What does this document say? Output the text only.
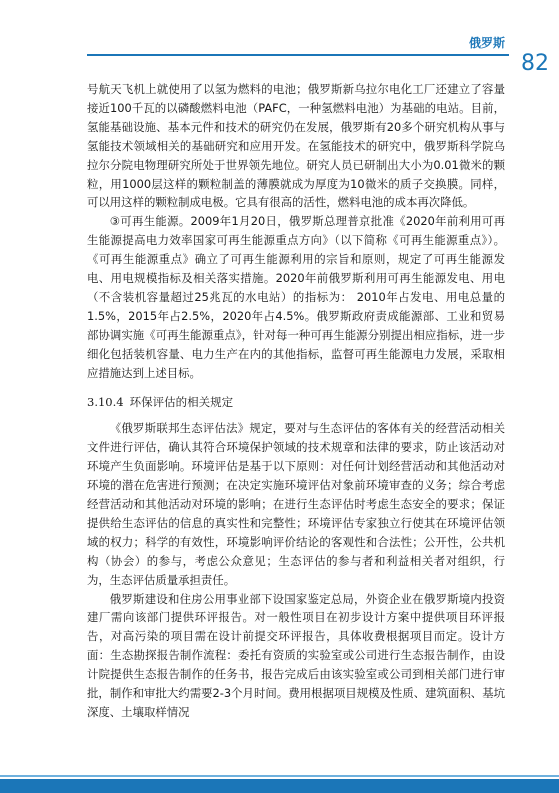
俄罗斯
82

号航天飞机上就使用了以氢为燃料的电池；俄罗斯新乌拉尔电化工厂还建立了容量接近100千瓦的以磷酸燃料电池（PAFC，一种氢燃料电池）为基础的电站。目前，氢能基础设施、基本元件和技术的研究仍在发展，俄罗斯有20多个研究机构从事与氢能技术领域相关的基础研究和应用开发。在氢能技术的研究中，俄罗斯科学院乌拉尔分院电物理研究所处于世界领先地位。研究人员已研制出大小为0.01微米的颗粒，用1000层这样的颗粒制盖的薄膜就成为厚度为10微米的质子交换膜。同样，可以用这样的颗粒制成电极。它具有很高的活性，燃料电池的成本再次降低。

③可再生能源。2009年1月20日，俄罗斯总理普京批准《2020年前利用可再生能源提高电力效率国家可再生能源重点方向》（以下简称《可再生能源重点》）。《可再生能源重点》确立了可再生能源利用的宗旨和原则，规定了可再生能源发电、用电规模指标及相关落实措施。2020年前俄罗斯利用可再生能源发电、用电（不含装机容量超过25兆瓦的水电站）的指标为： 2010年占发电、用电总量的1.5%，2015年占2.5%，2020年占4.5%。俄罗斯政府责成能源部、工业和贸易部协调实施《可再生能源重点》，针对每一种可再生能源分别提出相应指标，进一步细化包括装机容量、电力生产在内的其他指标，监督可再生能源电力发展，采取相应措施达到上述目标。

3.10.4 环保评估的相关规定

《俄罗斯联邦生态评估法》规定，要对与生态评估的客体有关的经营活动相关文件进行评估，确认其符合环境保护领域的技术规章和法律的要求，防止该活动对环境产生负面影响。环境评估是基于以下原则：对任何计划经营活动和其他活动对环境的潜在危害进行预测；在决定实施环境评估对象前环境审查的义务；综合考虑经营活动和其他活动对环境的影响；在进行生态评估时考虑生态安全的要求；保证提供给生态评估的信息的真实性和完整性；环境评估专家独立行使其在环境评估领域的权力；科学的有效性，环境影响评价结论的客观性和合法性；公开性，公共机构（协会）的参与，考虑公众意见；生态评估的参与者和利益相关者对组织，行为，生态评估质量承担责任。

俄罗斯建设和住房公用事业部下设国家鉴定总局，外资企业在俄罗斯境内投资建厂需向该部门提供环评报告。对一般性项目在初步设计方案中提供项目环评报告，对高污染的项目需在设计前提交环评报告，具体收费根据项目而定。设计方面：生态勘探报告制作流程：委托有资质的实验室或公司进行生态报告制作，由设计院提供生态报告制作的任务书，报告完成后由该实验室或公司到相关部门进行审批，制作和审批大约需要2-3个月时间。费用根据项目规模及性质、建筑面积、基坑深度、土壤取样情况
